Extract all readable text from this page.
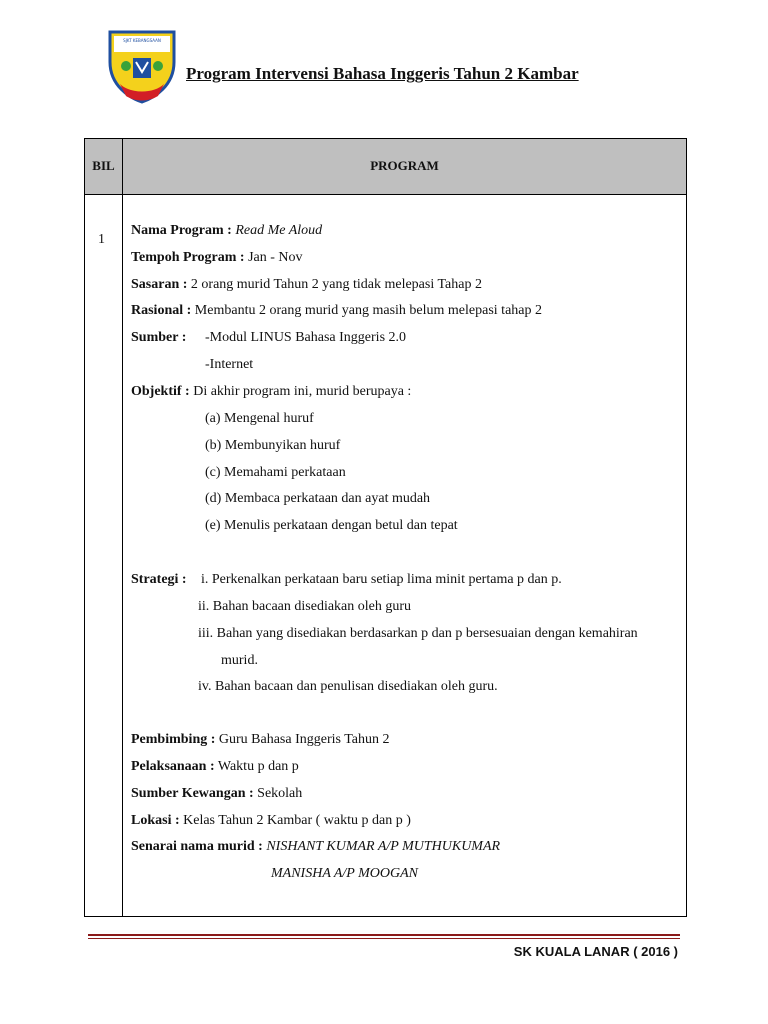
SJKT KEBANGSAAN
Program Intervensi Bahasa Inggeris Tahun 2 Kambar
BIL	PROGRAM
1
Nama Program : Read Me Aloud
Tempoh Program : Jan - Nov
Sasaran : 2 orang murid Tahun 2 yang tidak melepasi Tahap 2
Rasional : Membantu 2 orang murid yang masih belum melepasi tahap 2
Sumber : -Modul LINUS Bahasa Inggeris 2.0
-Internet
Objektif : Di akhir program ini, murid berupaya :
(a) Mengenal huruf
(b) Membunyikan huruf
(c) Memahami perkataan
(d) Membaca perkataan dan ayat mudah
(e) Menulis perkataan dengan betul dan tepat
Strategi : i. Perkenalkan perkataan baru setiap lima minit pertama p dan p.
ii. Bahan bacaan disediakan oleh guru
iii. Bahan yang disediakan berdasarkan p dan p bersesuaian dengan kemahiran
murid.
iv. Bahan bacaan dan penulisan disediakan oleh guru.
Pembimbing : Guru Bahasa Inggeris Tahun 2
Pelaksanaan : Waktu p dan p
Sumber Kewangan : Sekolah
Lokasi : Kelas Tahun 2 Kambar ( waktu p dan p )
Senarai nama murid : NISHANT KUMAR A/P MUTHUKUMAR
MANISHA A/P MOOGAN
SK KUALA LANAR ( 2016 )
